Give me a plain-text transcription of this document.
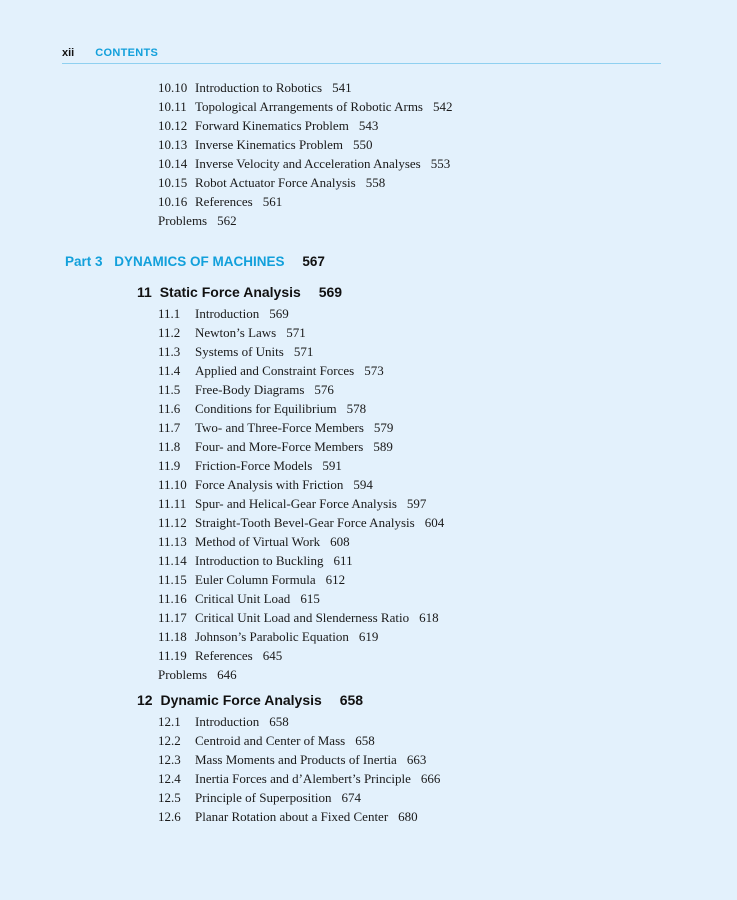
xii CONTENTS
10.10 Introduction to Robotics 541
10.11 Topological Arrangements of Robotic Arms 542
10.12 Forward Kinematics Problem 543
10.13 Inverse Kinematics Problem 550
10.14 Inverse Velocity and Acceleration Analyses 553
10.15 Robot Actuator Force Analysis 558
10.16 References 561
Problems 562
11.1 Introduction 569
11.2 Newton’s Laws 571
11.3 Systems of Units 571
11.4 Applied and Constraint Forces 573
11.5 Free-Body Diagrams 576
11.6 Conditions for Equilibrium 578
11.7 Two- and Three-Force Members 579
11.8 Four- and More-Force Members 589
11.9 Friction-Force Models 591
11.10 Force Analysis with Friction 594
11.11 Spur- and Helical-Gear Force Analysis 597
11.12 Straight-Tooth Bevel-Gear Force Analysis 604
11.13 Method of Virtual Work 608
11.14 Introduction to Buckling 611
11.15 Euler Column Formula 612
11.16 Critical Unit Load 615
11.17 Critical Unit Load and Slenderness Ratio 618
11.18 Johnson’s Parabolic Equation 619
11.19 References 645
Problems 646
12.1 Introduction 658
12.2 Centroid and Center of Mass 658
12.3 Mass Moments and Products of Inertia 663
12.4 Inertia Forces and d’Alembert’s Principle 666
12.5 Principle of Superposition 674
12.6 Planar Rotation about a Fixed Center 680
Part 3 DYNAMICS OF MACHINES 567
11 Static Force Analysis 569
12 Dynamic Force Analysis 658
